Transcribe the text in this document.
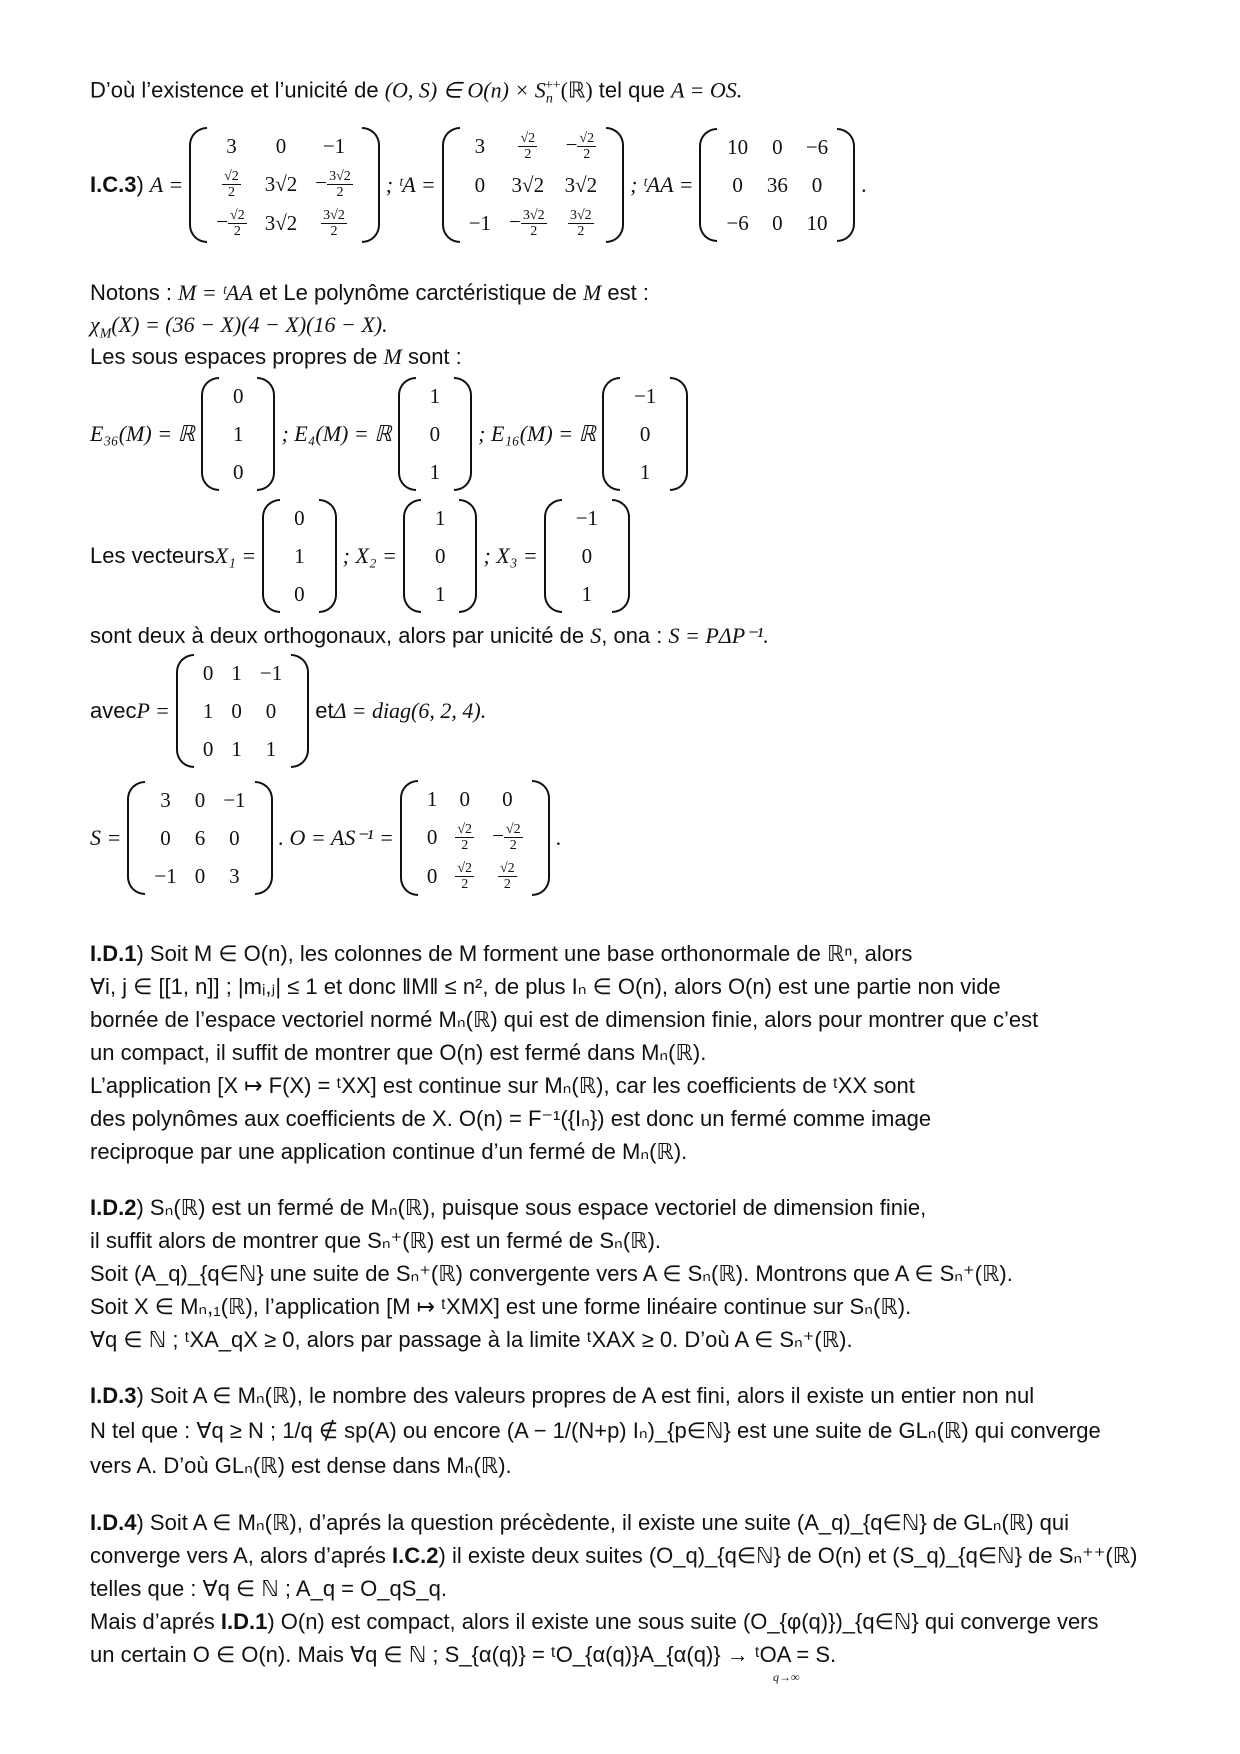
D’où l’existence et l’unicité de (O, S) ∈ $O(n) \times S_n^{++}(ℝ)$ tel que A = OS.
I.C.3 ) A =
3	0	−1

$\frac{√2}{2}$	3√2	− $\frac{3√2}{2}$

− $\frac{√2}{2}$	3√2	$\frac{3√2}{2}$
; ᵗA =
3	$\frac{√2}{2}$	− $\frac{√2}{2}$

0	3√2	3√2
−1	− $\frac{3√2}{2}$	$\frac{3√2}{2}$
; ᵗAA =
10	0	−6
0	36	0
−6	0	10
.
Notons : M = ᵗAA et Le polynôme carctéristique de M est :
$\chi_M(X) = (36 - X)(4 - X)(16 - X)$.
Les sous espaces propres de M sont :
E₃₆(M) = ℝ
0
1
0
; E₄(M) = ℝ
1
0
1
; E₁₆(M) = ℝ
−1
0
1
Les vecteurs X₁ =
0
1
0
; X₂ =
1
0
1
; X₃ =
−1
0
1
sont deux à deux orthogonaux, alors par unicité de S, ona : S = PΔP⁻¹.
avec P =
0	1	−1
1	0	0
0	1	1
et Δ = diag(6, 2, 4).
S =
3	0	−1
0	6	0
−1	0	3
. O = AS⁻¹ =
1	0	0
0	$\frac{√2}{2}$	− $\frac{√2}{2}$

0	$\frac{√2}{2}$	$\frac{√2}{2}$
.
I.D.1) Soit M ∈ O(n), les colonnes de M forment une base orthonormale de ℝⁿ, alors
∀i, j ∈ [[1, n]] ; |mᵢ,ⱼ| ≤ 1 et donc ‖M‖ ≤ n², de plus Iₙ ∈ O(n), alors O(n) est une partie non vide
bornée de l’espace vectoriel normé Mₙ(ℝ) qui est de dimension finie, alors pour montrer que c’est
un compact, il suffit de montrer que O(n) est fermé dans Mₙ(ℝ).
L’application [X ↦ F(X) = ᵗXX] est continue sur Mₙ(ℝ), car les coefficients de ᵗXX sont
des polynômes aux coefficients de X. O(n) = F⁻¹({Iₙ}) est donc un fermé comme image
reciproque par une application continue d’un fermé de Mₙ(ℝ).
I.D.2) Sₙ(ℝ) est un fermé de Mₙ(ℝ), puisque sous espace vectoriel de dimension finie,
il suffit alors de montrer que Sₙ⁺(ℝ) est un fermé de Sₙ(ℝ).
Soit (A_q)_{q∈ℕ} une suite de Sₙ⁺(ℝ) convergente vers A ∈ Sₙ(ℝ). Montrons que A ∈ Sₙ⁺(ℝ).
Soit X ∈ Mₙ,₁(ℝ), l’application [M ↦ ᵗXMX] est une forme linéaire continue sur Sₙ(ℝ).
∀q ∈ ℕ ; ᵗXA_qX ≥ 0, alors par passage à la limite ᵗXAX ≥ 0. D’où A ∈ Sₙ⁺(ℝ).
I.D.3) Soit A ∈ Mₙ(ℝ), le nombre des valeurs propres de A est fini, alors il existe un entier non nul
N tel que : ∀q ≥ N ; 1/q ∉ sp(A) ou encore (A − 1/(N+p) Iₙ)_{p∈ℕ} est une suite de GLₙ(ℝ) qui converge
vers A. D’où GLₙ(ℝ) est dense dans Mₙ(ℝ).
I.D.4) Soit A ∈ Mₙ(ℝ), d’aprés la question précèdente, il existe une suite (A_q)_{q∈ℕ} de GLₙ(ℝ) qui
converge vers A, alors d’aprés I.C.2) il existe deux suites (O_q)_{q∈ℕ} de O(n) et (S_q)_{q∈ℕ} de Sₙ⁺⁺(ℝ)
telles que : ∀q ∈ ℕ ; A_q = O_qS_q.
Mais d’aprés I.D.1) O(n) est compact, alors il existe une sous suite (O_{φ(q)})_{q∈ℕ} qui converge vers
un certain O ∈ O(n). Mais ∀q ∈ ℕ ; S_{α(q)} = ᵗO_{α(q)}A_{α(q)} → ᵗOA = S.
q→∞
